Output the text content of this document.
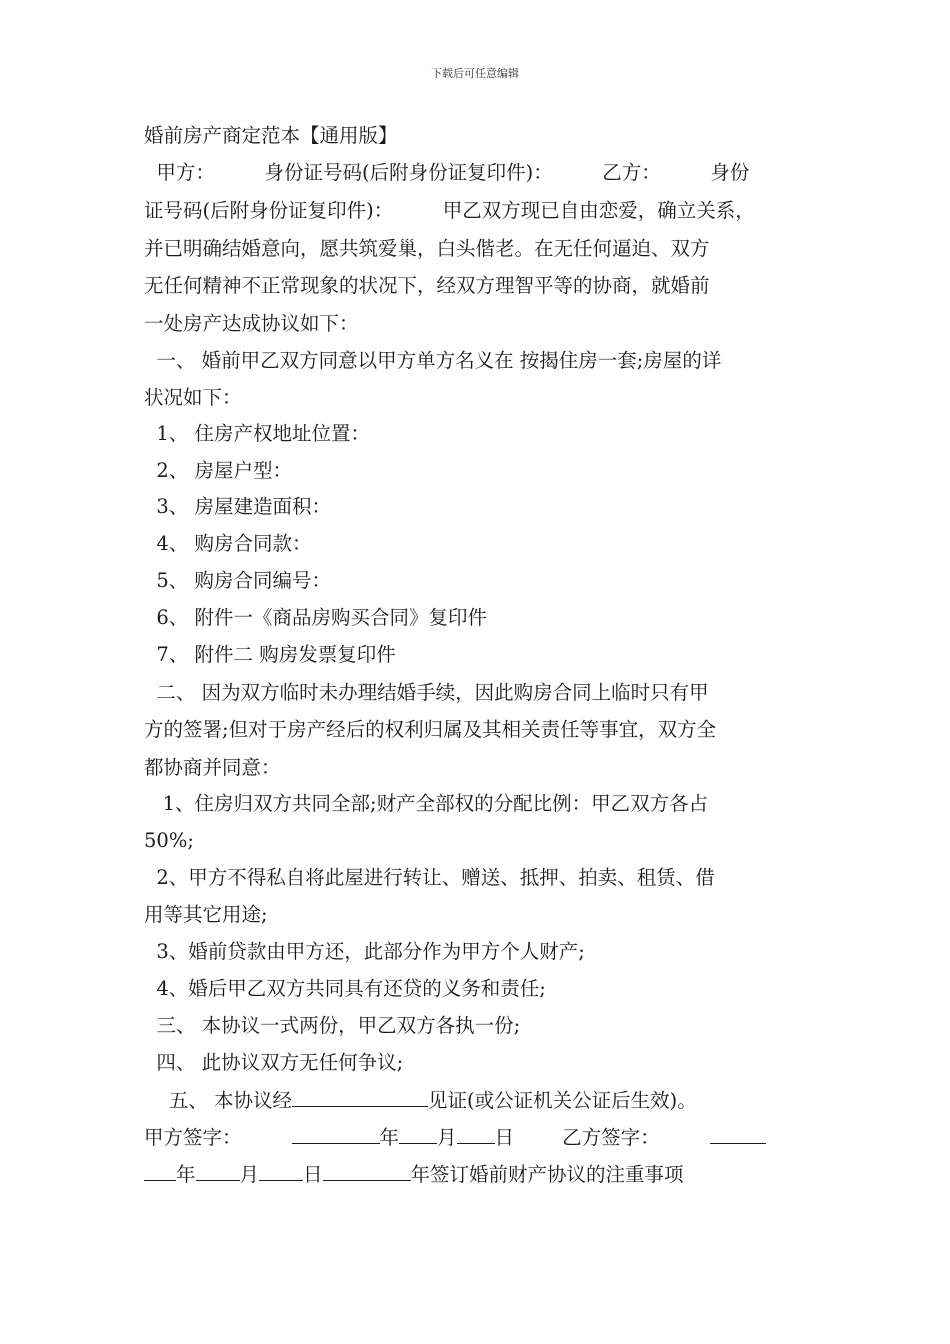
下载后可任意编辑
婚前房产商定范本【通用版】
甲方：        身份证号码(后附身份证复印件)：        乙方：        身份
证号码(后附身份证复印件)：        甲乙双方现已自由恋爱，确立关系，
并已明确结婚意向，愿共筑爱巢，白头偕老。在无任何逼迫、双方
无任何精神不正常现象的状况下，经双方理智平等的协商，就婚前
一处房产达成协议如下：
一、 婚前甲乙双方同意以甲方单方名义在 按揭住房一套;房屋的详
状况如下：
1、 住房产权地址位置：
2、 房屋户型：
3、 房屋建造面积：
4、 购房合同款：
5、 购房合同编号：
6、 附件一《商品房购买合同》复印件
7、 附件二 购房发票复印件
二、 因为双方临时未办理结婚手续，因此购房合同上临时只有甲
方的签署;但对于房产经后的权利归属及其相关责任等事宜，双方全
都协商并同意：
1、住房归双方共同全部;财产全部权的分配比例：甲乙双方各占
50%;
2、甲方不得私自将此屋进行转让、赠送、抵押、拍卖、租赁、借
用等其它用途;
3、婚前贷款由甲方还，此部分作为甲方个人财产;
4、婚后甲乙双方共同具有还贷的义务和责任;
三、 本协议一式两份，甲乙双方各执一份;
四、 此协议双方无任何争议;
五、 本协议经	见证(或公证机关公证后生效)。
甲方签字：	年 月 日 乙方签字：
年 月 日	年签订婚前财产协议的注重事项
